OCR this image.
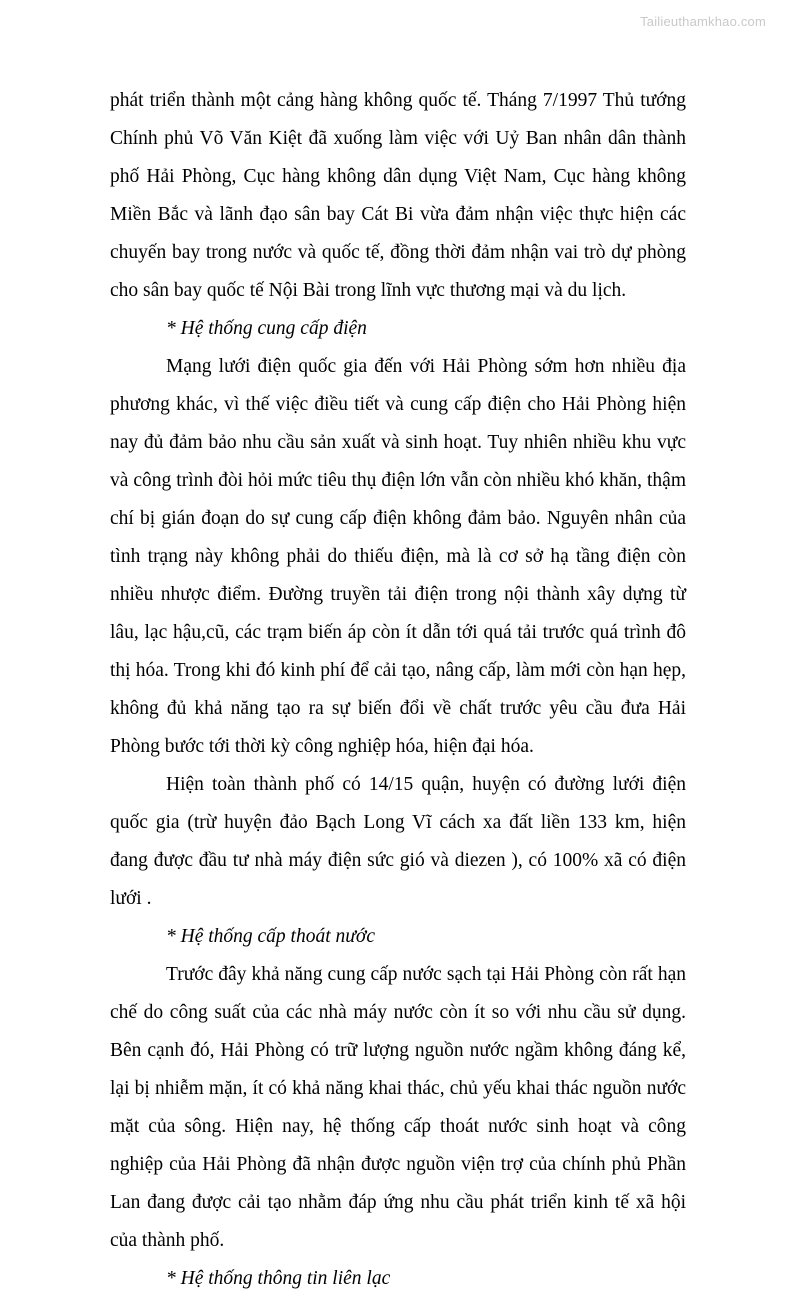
Tailieuthamkhao.com

phát triển thành một cảng hàng không quốc tế. Tháng 7/1997 Thủ tướng Chính phủ Võ Văn Kiệt đã xuống làm việc với Uỷ Ban nhân dân thành phố Hải Phòng, Cục hàng không dân dụng Việt Nam, Cục hàng không Miền Bắc và lãnh đạo sân bay Cát Bi vừa đảm nhận việc thực hiện các chuyến bay trong nước và quốc tế, đồng thời đảm nhận vai trò dự phòng cho sân bay quốc tế Nội Bài trong lĩnh vực thương mại và du lịch.

* Hệ thống cung cấp điện

Mạng lưới điện quốc gia đến với Hải Phòng sớm hơn nhiều địa phương khác, vì thế việc điều tiết và cung cấp điện cho Hải Phòng hiện nay đủ đảm bảo nhu cầu sản xuất và sinh hoạt. Tuy nhiên nhiều khu vực và công trình đòi hỏi mức tiêu thụ điện lớn vẫn còn nhiều khó khăn, thậm chí bị gián đoạn do sự cung cấp điện không đảm bảo. Nguyên nhân của tình trạng này không phải do thiếu điện, mà là cơ sở hạ tầng điện còn nhiều nhược điểm. Đường truyền tải điện trong nội thành xây dựng từ lâu, lạc hậu,cũ, các trạm biến áp còn ít dẫn tới quá tải trước quá trình đô thị hóa. Trong khi đó kinh phí để cải tạo, nâng cấp, làm mới còn hạn hẹp, không đủ khả năng tạo ra sự biến đổi về chất trước yêu cầu đưa Hải Phòng bước tới thời kỳ công nghiệp hóa, hiện đại hóa.

Hiện toàn thành phố có 14/15 quận, huyện có đường lưới điện quốc gia (trừ huyện đảo Bạch Long Vĩ cách xa đất liền 133 km, hiện đang được đầu tư nhà máy điện sức gió và diezen ), có 100% xã có điện lưới .

* Hệ thống cấp thoát nước

Trước đây khả năng cung cấp nước sạch tại Hải Phòng còn rất hạn chế do công suất của các nhà máy nước còn ít so với nhu cầu sử dụng. Bên cạnh đó, Hải Phòng có trữ lượng nguồn nước ngầm không đáng kể, lại bị nhiễm mặn, ít có khả năng khai thác, chủ yếu khai thác nguồn nước mặt của sông. Hiện nay, hệ thống cấp thoát nước sinh hoạt và công nghiệp của Hải Phòng đã nhận được nguồn viện trợ của chính phủ Phần Lan đang được cải tạo nhằm đáp ứng nhu cầu phát triển kinh tế xã hội của thành phố.

* Hệ thống thông tin liên lạc
